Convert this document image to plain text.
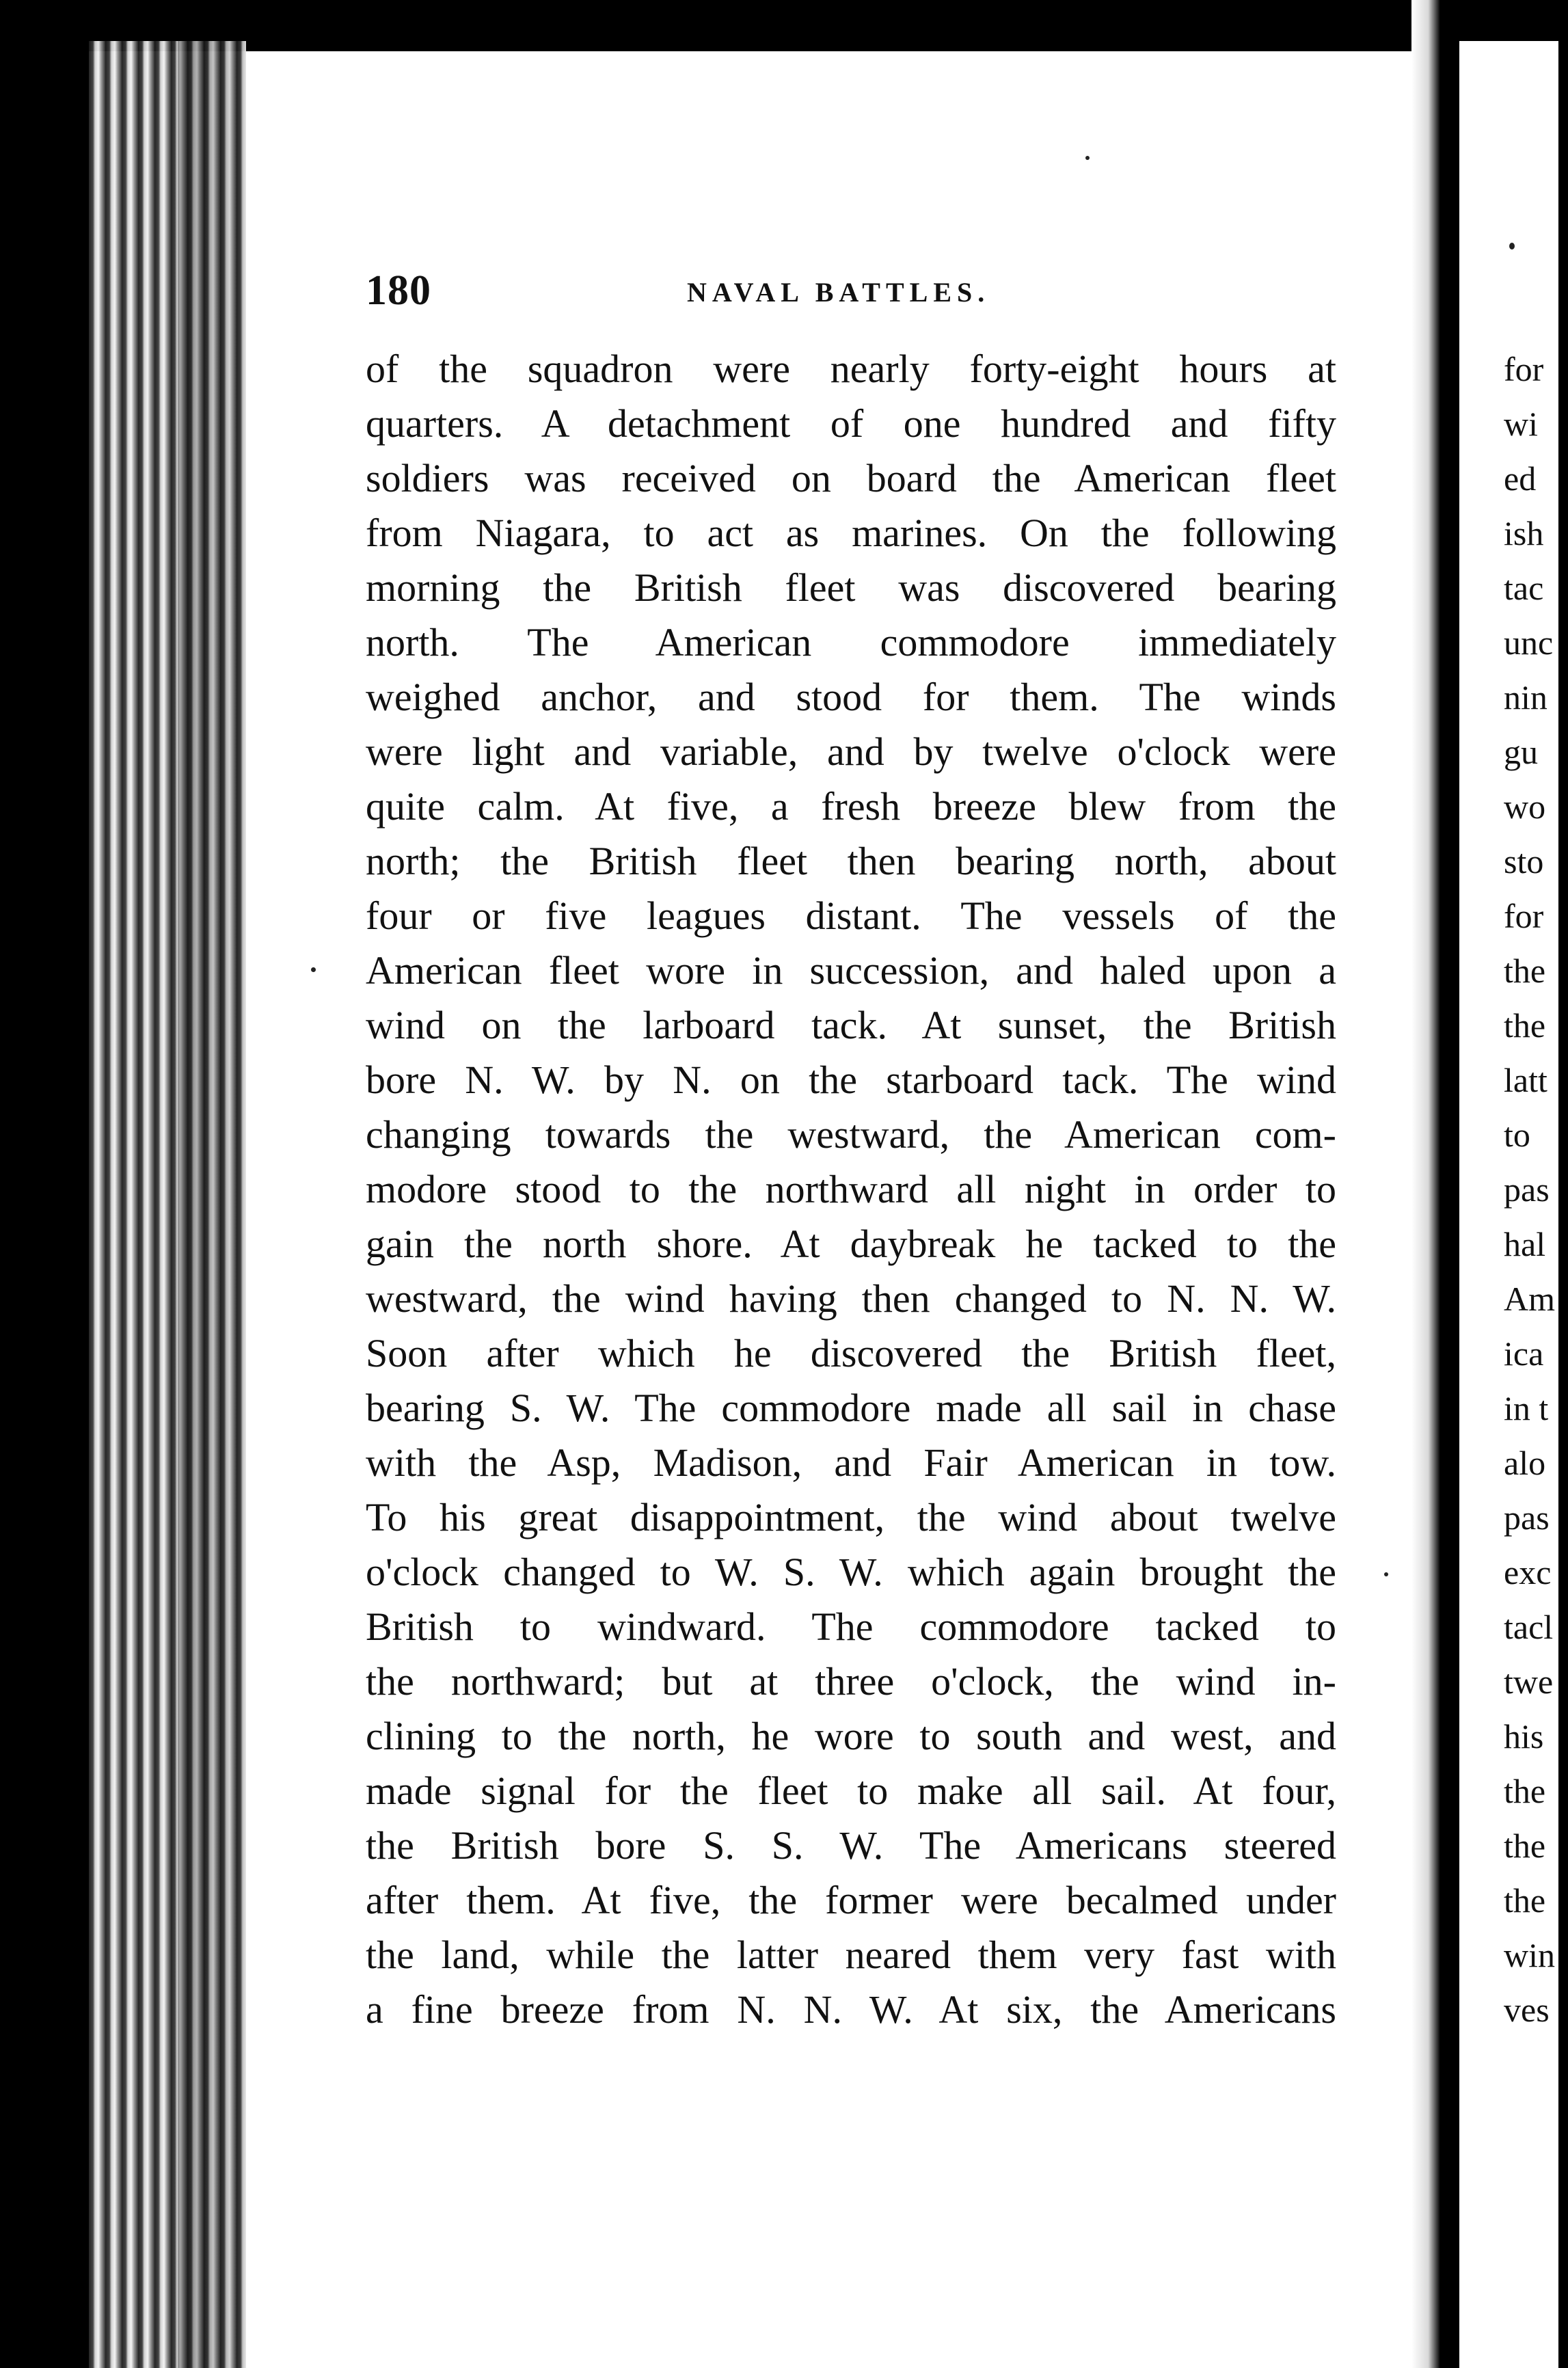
180	NAVAL BATTLES.
of the squadron were nearly forty-eight hours at
quarters. A detachment of one hundred and fifty
soldiers was received on board the American fleet
from Niagara, to act as marines. On the following
morning the British fleet was discovered bearing
north. The American commodore immediately
weighed anchor, and stood for them. The winds
were light and variable, and by twelve o'clock were
quite calm. At five, a fresh breeze blew from the
north; the British fleet then bearing north, about
four or five leagues distant. The vessels of the
American fleet wore in succession, and haled upon a
wind on the larboard tack. At sunset, the British
bore N. W. by N. on the starboard tack. The wind
changing towards the westward, the American com-
modore stood to the northward all night in order to
gain the north shore. At daybreak he tacked to the
westward, the wind having then changed to N. N. W.
Soon after which he discovered the British fleet,
bearing S. W. The commodore made all sail in chase
with the Asp, Madison, and Fair American in tow.
To his great disappointment, the wind about twelve
o'clock changed to W. S. W. which again brought the
British to windward. The commodore tacked to
the northward; but at three o'clock, the wind in-
clining to the north, he wore to south and west, and
made signal for the fleet to make all sail. At four,
the British bore S. S. W. The Americans steered
after them. At five, the former were becalmed under
the land, while the latter neared them very fast with
a fine breeze from N. N. W. At six, the Americans
for
wi
ed
ish
tac
unc
nin
gu
wo
sto
for
the
the
latt
to
pas
hal
Am
ica
in t
alo
pas
exc
tacl
twe
his
the
the
the
win
ves
